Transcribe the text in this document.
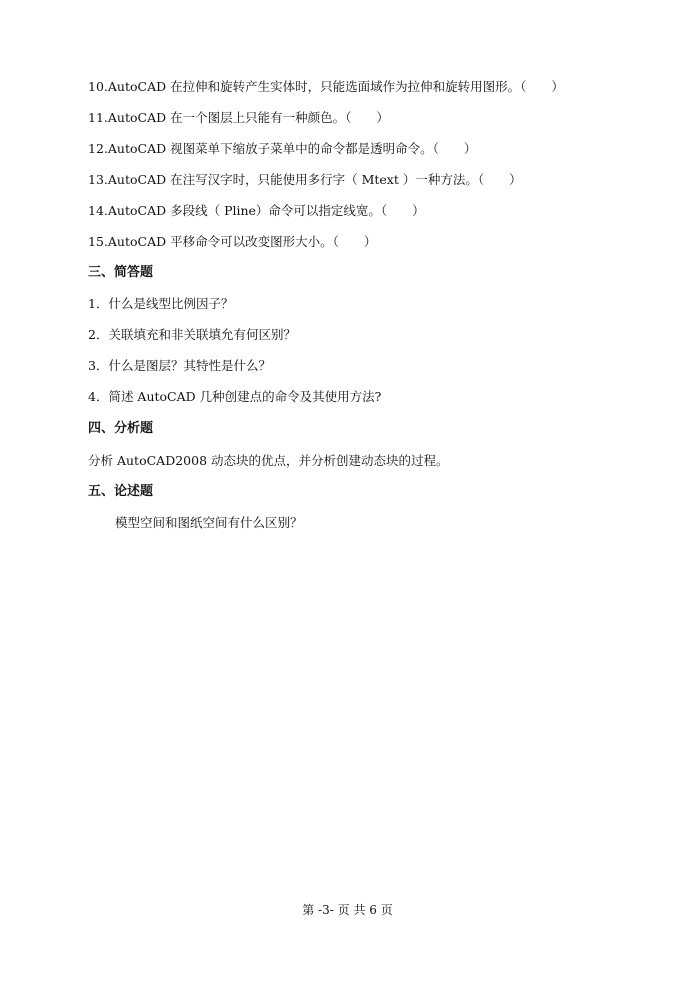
10.AutoCAD 在拉伸和旋转产生实体时，只能选面域作为拉伸和旋转用图形。（　　）
11.AutoCAD 在一个图层上只能有一种颜色。（　　）
12.AutoCAD 视图菜单下缩放子菜单中的命令都是透明命令。（　　）
13.AutoCAD 在注写汉字时，只能使用多行字（ Mtext ）一种方法。（　　）
14.AutoCAD 多段线（ Pline）命令可以指定线宽。（　　）
15.AutoCAD 平移命令可以改变图形大小。（　　）
三、简答题
1．什么是线型比例因子？
2．关联填充和非关联填允有何区别？
3．什么是图层？其特性是什么？
4．简述 AutoCAD 几种创建点的命令及其使用方法?
四、分析题
分析 AutoCAD2008 动态块的优点，并分析创建动态块的过程。
五、论述题
模型空间和图纸空间有什么区别？
第 -3- 页 共 6 页
